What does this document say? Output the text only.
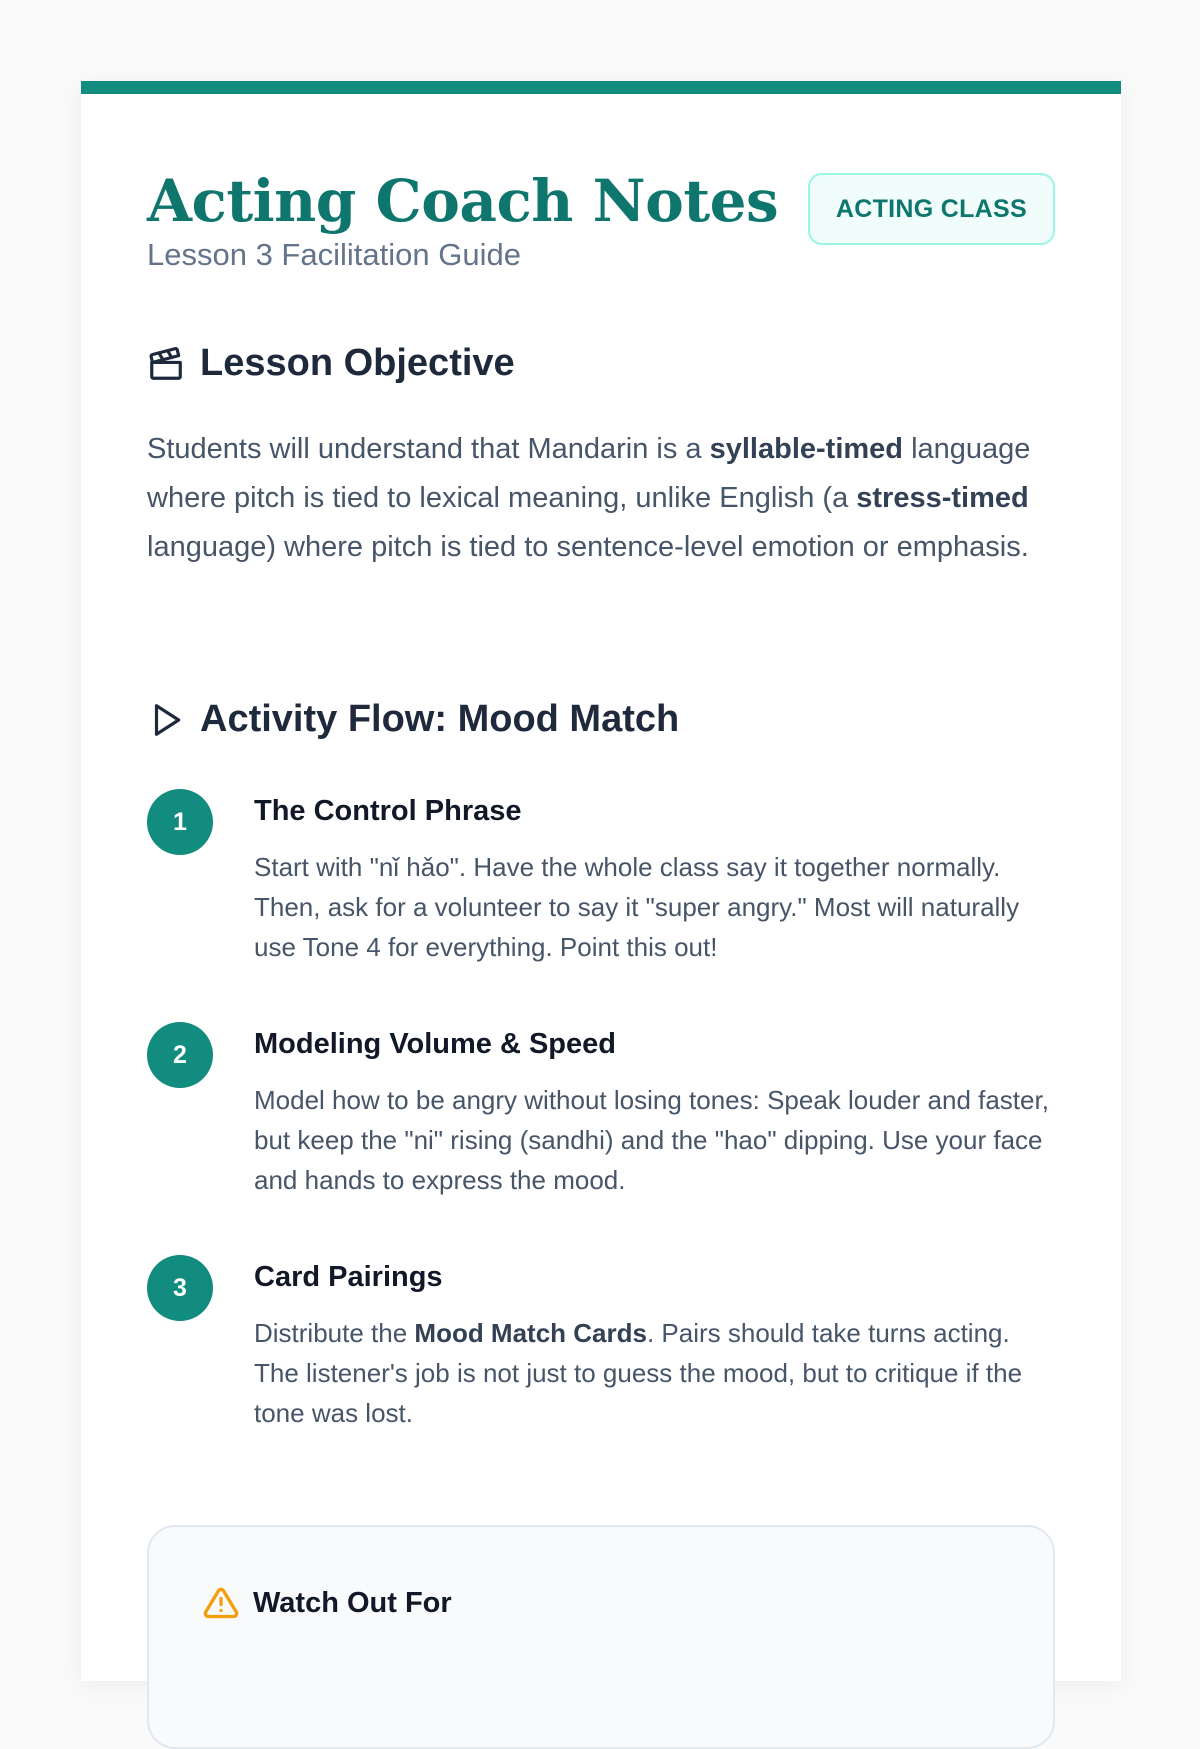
Acting Coach Notes

Lesson 3 Facilitation Guide

ACTING CLASS
Lesson Objective

Students will understand that Mandarin is a syllable-timed language where pitch is tied to lexical meaning, unlike English (a stress-timed language) where pitch is tied to sentence-level emotion or emphasis.

Activity Flow: Mood Match
1	The Control Phrase

Start with "nǐ hǎo". Have the whole class say it together normally. Then, ask for a volunteer to say it "super angry." Most will naturally use Tone 4 for everything. Point this out!

2	Modeling Volume & Speed

Model how to be angry without losing tones: Speak louder and faster, but keep the "ni" rising (sandhi) and the "hao" dipping. Use your face and hands to express the mood.

3	Card Pairings

Distribute the Mood Match Cards. Pairs should take turns acting. The listener's job is not just to guess the mood, but to critique if the tone was lost.

Watch Out For
